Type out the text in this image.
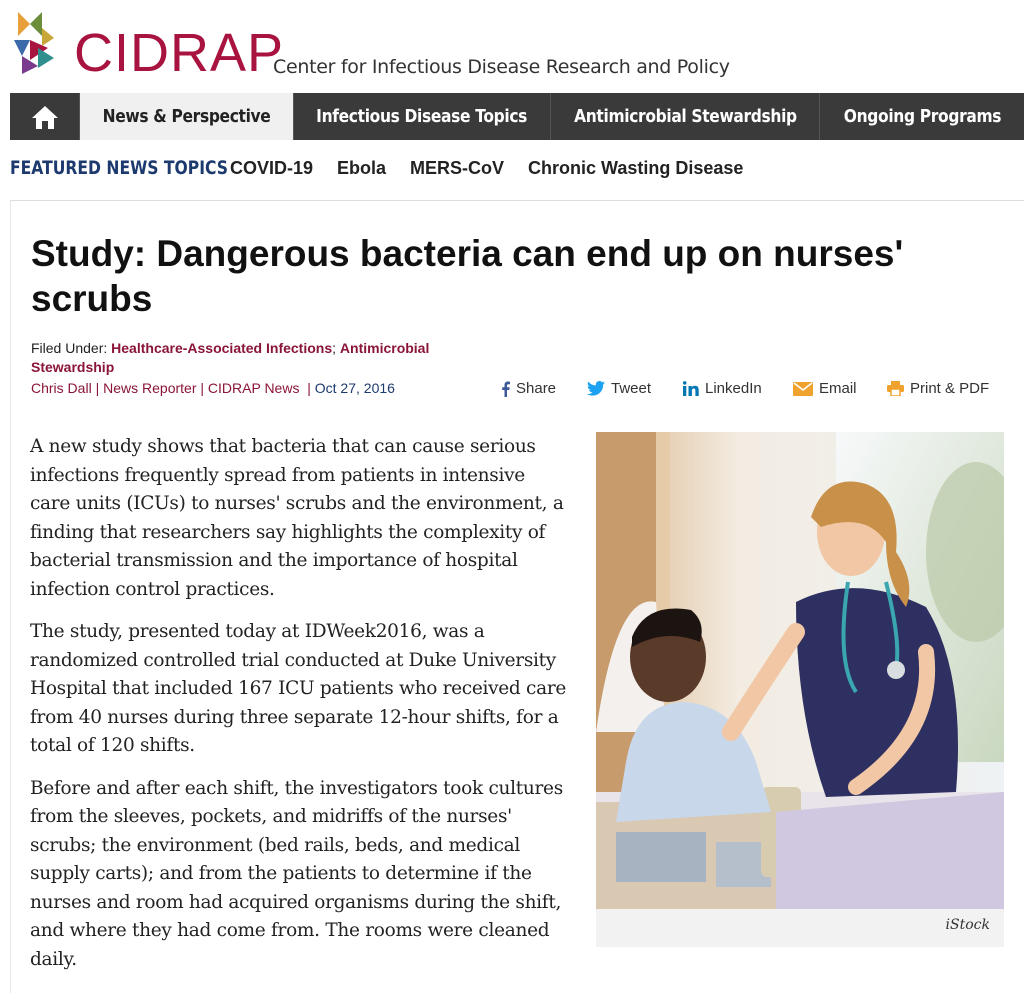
CIDRAP
Center for Infectious Disease Research and Policy
News & Perspective	Infectious Disease Topics	Antimicrobial Stewardship	Ongoing Programs
FEATURED NEWS TOPICS COVID-19 Ebola MERS-CoV Chronic Wasting Disease
Study: Dangerous bacteria can end up on nurses' scrubs
Filed Under: Healthcare-Associated Infections; Antimicrobial Stewardship
Chris Dall | News Reporter | CIDRAP News  | Oct 27, 2016	Share	Tweet	LinkedIn	Email	Print & PDF

A new study shows that bacteria that can cause serious infections frequently spread from patients in intensive care units (ICUs) to nurses' scrubs and the environment, a finding that researchers say highlights the complexity of bacterial transmission and the importance of hospital infection control practices.

The study, presented today at IDWeek2016, was a randomized controlled trial conducted at Duke University Hospital that included 167 ICU patients who received care from 40 nurses during three separate 12-hour shifts, for a total of 120 shifts.

Before and after each shift, the investigators took cultures from the sleeves, pockets, and midriffs of the nurses' scrubs; the environment (bed rails, beds, and medical supply carts); and from the patients to determine if the nurses and room had acquired organisms during the shift, and where they had come from. The rooms were cleaned daily.

iStock
